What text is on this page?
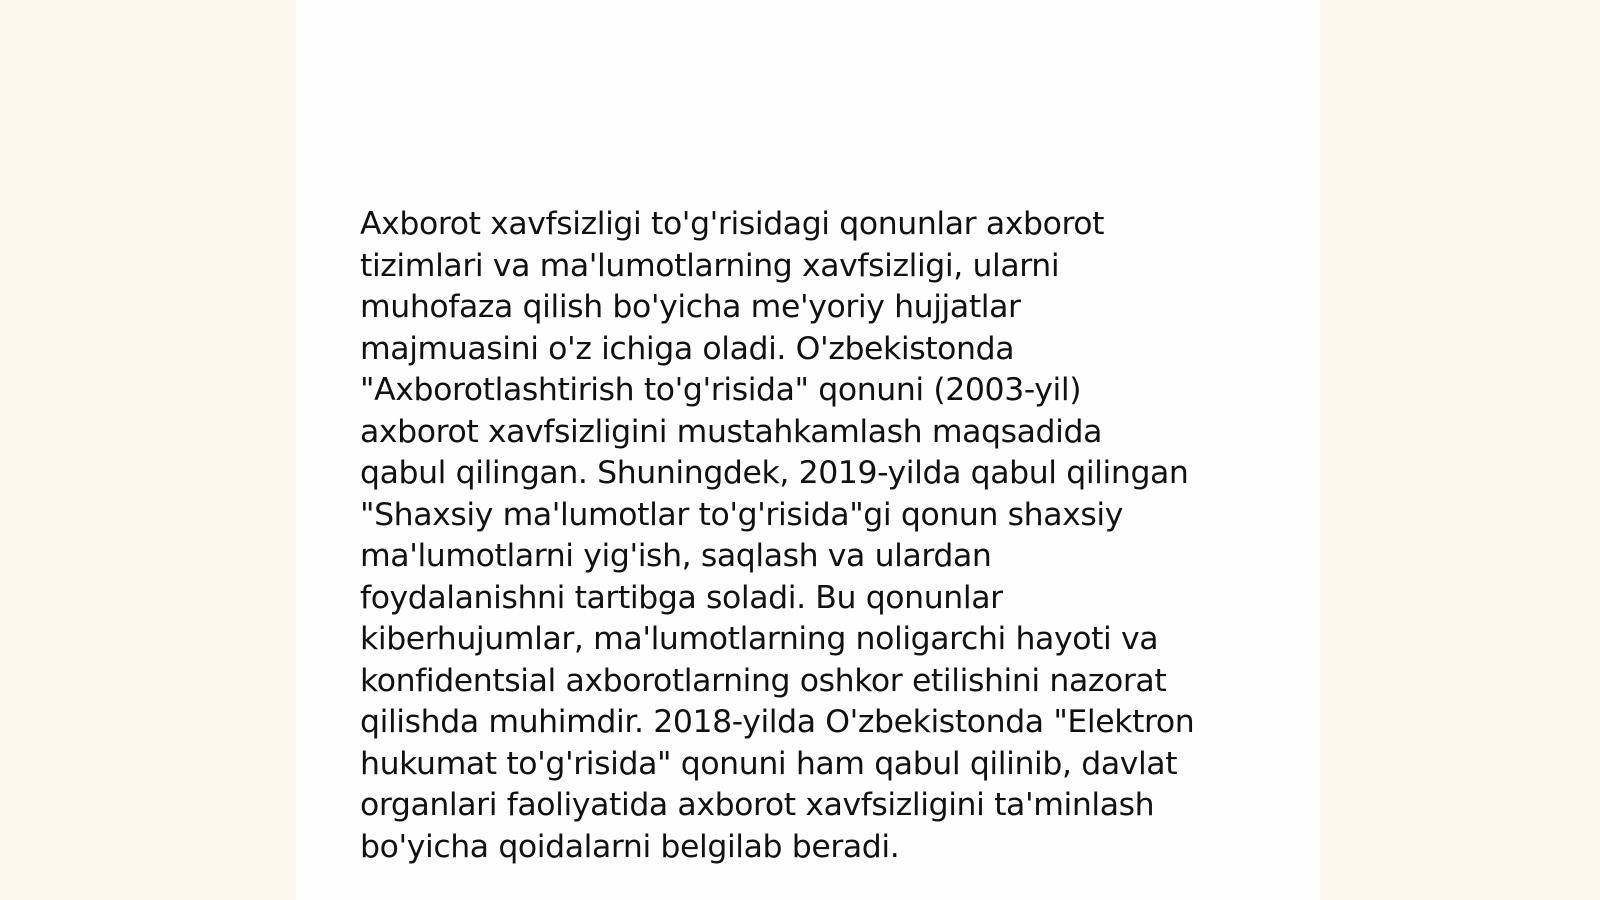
Axborot xavfsizligi to'g'risidagi qonunlar axborot
tizimlari va ma'lumotlarning xavfsizligi, ularni
muhofaza qilish bo'yicha me'yoriy hujjatlar
majmuasini o'z ichiga oladi. O'zbekistonda
"Axborotlashtirish to'g'risida" qonuni (2003-yil)
axborot xavfsizligini mustahkamlash maqsadida
qabul qilingan. Shuningdek, 2019-yilda qabul qilingan
"Shaxsiy ma'lumotlar to'g'risida"gi qonun shaxsiy
ma'lumotlarni yig'ish, saqlash va ulardan
foydalanishni tartibga soladi. Bu qonunlar
kiberhujumlar, ma'lumotlarning noligarchi hayoti va
konfidentsial axborotlarning oshkor etilishini nazorat
qilishda muhimdir. 2018-yilda O'zbekistonda "Elektron
hukumat to'g'risida" qonuni ham qabul qilinib, davlat
organlari faoliyatida axborot xavfsizligini ta'minlash
bo'yicha qoidalarni belgilab beradi.
